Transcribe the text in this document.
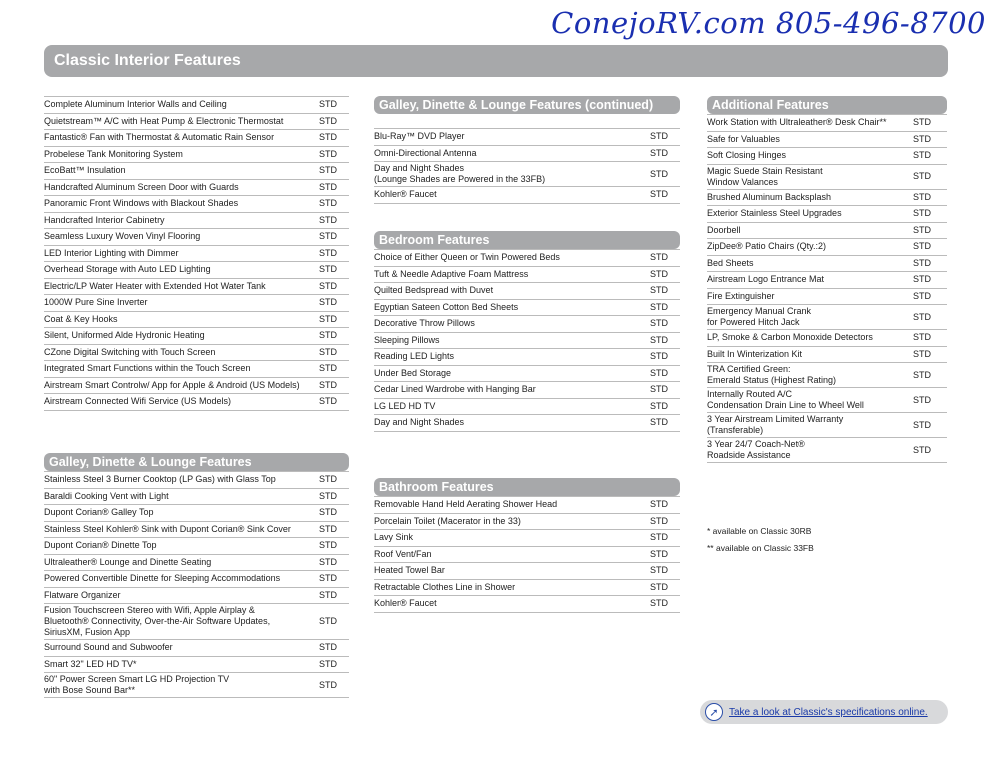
ConejoRV.com 805-496-8700
Classic Interior Features
Complete Aluminum Interior Walls and Ceiling	STD
Quietstream™ A/C with Heat Pump & Electronic Thermostat	STD
Fantastic® Fan with Thermostat & Automatic Rain Sensor	STD
Probelese Tank Monitoring System	STD
EcoBatt™ Insulation	STD
Handcrafted Aluminum Screen Door with Guards	STD
Panoramic Front Windows with Blackout Shades	STD
Handcrafted Interior Cabinetry	STD
Seamless Luxury Woven Vinyl Flooring	STD
LED Interior Lighting with Dimmer	STD
Overhead Storage with Auto LED Lighting	STD
Electric/LP Water Heater with Extended Hot Water Tank	STD
1000W Pure Sine Inverter	STD
Coat & Key Hooks	STD
Silent, Uniformed Alde Hydronic Heating	STD
CZone Digital Switching with Touch Screen	STD
Integrated Smart Functions within the Touch Screen	STD
Airstream Smart Controlw/ App for Apple & Android (US Models)	STD
Airstream Connected Wifi Service (US Models)	STD
Galley, Dinette & Lounge Features
Stainless Steel 3 Burner Cooktop (LP Gas) with Glass Top	STD
Baraldi Cooking Vent with Light	STD
Dupont Corian® Galley Top	STD
Stainless Steel Kohler® Sink with Dupont Corian® Sink Cover	STD
Dupont Corian® Dinette Top	STD
Ultraleather® Lounge and Dinette Seating	STD
Powered Convertible Dinette for Sleeping Accommodations	STD
Flatware Organizer	STD
Fusion Touchscreen Stereo with Wifi, Apple Airplay &
Bluetooth® Connectivity, Over-the-Air Software Updates,
SiriusXM, Fusion App
STD
Surround Sound and Subwoofer	STD
Smart 32" LED HD TV*	STD
60" Power Screen Smart LG HD Projection TV
with Bose Sound Bar**
STD
Galley, Dinette & Lounge Features (continued)
Blu-Ray™ DVD Player	STD
Omni-Directional Antenna	STD
Day and Night Shades
(Lounge Shades are Powered in the 33FB)
STD
Kohler® Faucet	STD
Bedroom Features
Choice of Either Queen or Twin Powered Beds	STD
Tuft & Needle Adaptive Foam Mattress	STD
Quilted Bedspread with Duvet	STD
Egyptian Sateen Cotton Bed Sheets	STD
Decorative Throw Pillows	STD
Sleeping Pillows	STD
Reading LED Lights	STD
Under Bed Storage	STD
Cedar Lined Wardrobe with Hanging Bar	STD
LG LED HD TV	STD
Day and Night Shades	STD
Bathroom Features
Removable Hand Held Aerating Shower Head	STD
Porcelain Toilet (Macerator in the 33)	STD
Lavy Sink	STD
Roof Vent/Fan	STD
Heated Towel Bar	STD
Retractable Clothes Line in Shower	STD
Kohler® Faucet	STD
Additional Features
Work Station with Ultraleather® Desk Chair**	STD
Safe for Valuables	STD
Soft Closing Hinges	STD
Magic Suede Stain Resistant
Window Valances
STD
Brushed Aluminum Backsplash	STD
Exterior Stainless Steel Upgrades	STD
Doorbell	STD
ZipDee® Patio Chairs (Qty.:2)	STD
Bed Sheets	STD
Airstream Logo Entrance Mat	STD
Fire Extinguisher	STD
Emergency Manual Crank
for Powered Hitch Jack
STD
LP, Smoke & Carbon Monoxide Detectors	STD
Built In Winterization Kit	STD
TRA Certified Green:
Emerald Status (Highest Rating)
STD
Internally Routed A/C
Condensation Drain Line to Wheel Well
STD
3 Year Airstream Limited Warranty
(Transferable)
STD
3 Year 24/7 Coach-Net®
Roadside Assistance
STD
* available on Classic 30RB
** available on Classic 33FB
➚	Take a look at Classic's specifications online.
